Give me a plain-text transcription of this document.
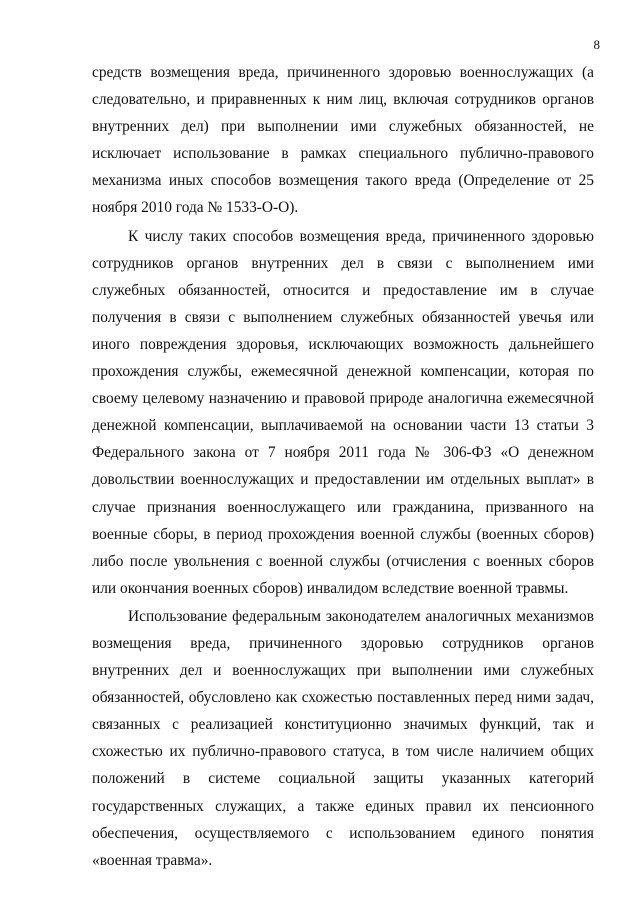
8

средств возмещения вреда, причиненного здоровью военнослужащих (а следовательно, и приравненных к ним лиц, включая сотрудников органов внутренних дел) при выполнении ими служебных обязанностей, не исключает использование в рамках специального публично-правового механизма иных способов возмещения такого вреда (Определение от 25 ноября 2010 года № 1533-О-О).

К числу таких способов возмещения вреда, причиненного здоровью сотрудников органов внутренних дел в связи с выполнением ими служебных обязанностей, относится и предоставление им в случае получения в связи с выполнением служебных обязанностей увечья или иного повреждения здоровья, исключающих возможность дальнейшего прохождения службы, ежемесячной денежной компенсации, которая по своему целевому назначению и правовой природе аналогична ежемесячной денежной компенсации, выплачиваемой на основании части 13 статьи 3 Федерального закона от 7 ноября 2011 года № 306-ФЗ «О денежном довольствии военнослужащих и предоставлении им отдельных выплат» в случае признания военнослужащего или гражданина, призванного на военные сборы, в период прохождения военной службы (военных сборов) либо после увольнения с военной службы (отчисления с военных сборов или окончания военных сборов) инвалидом вследствие военной травмы.

Использование федеральным законодателем аналогичных механизмов возмещения вреда, причиненного здоровью сотрудников органов внутренних дел и военнослужащих при выполнении ими служебных обязанностей, обусловлено как схожестью поставленных перед ними задач, связанных с реализацией конституционно значимых функций, так и схожестью их публично-правового статуса, в том числе наличием общих положений в системе социальной защиты указанных категорий государственных служащих, а также единых правил их пенсионного обеспечения, осуществляемого с использованием единого понятия «военная травма».
